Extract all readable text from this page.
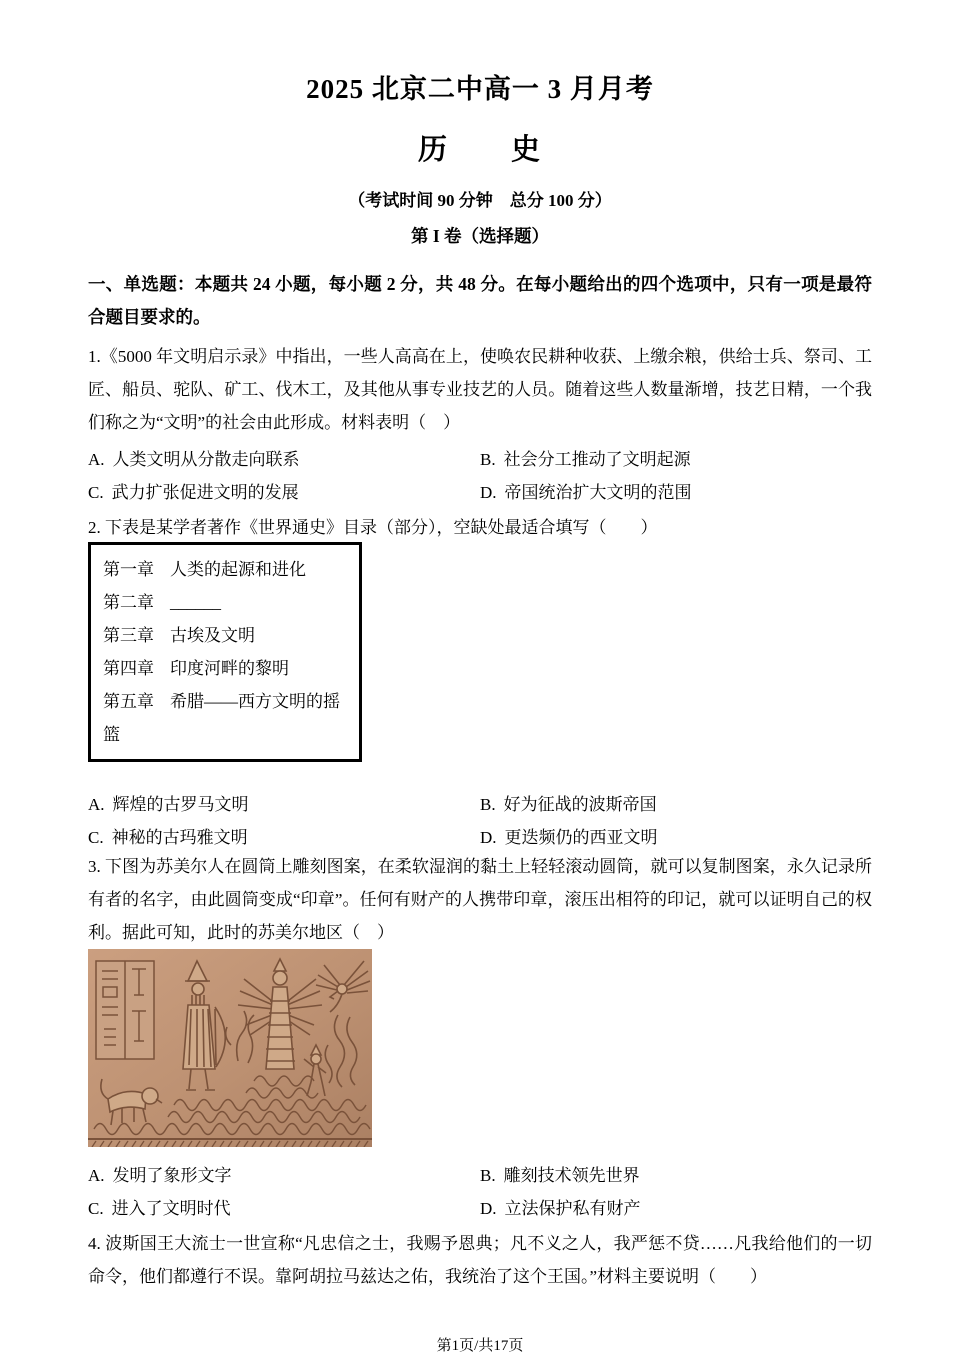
2025 北京二中高一 3 月月考
历　　史
（考试时间 90 分钟　总分 100 分）
第 I 卷（选择题）
一、单选题：本题共 24 小题，每小题 2 分，共 48 分。在每小题给出的四个选项中，只有一项是最符合题目要求的。

1.《5000 年文明启示录》中指出，一些人高高在上，使唤农民耕种收获、上缴余粮，供给士兵、祭司、工匠、船员、驼队、矿工、伐木工，及其他从事专业技艺的人员。随着这些人数量渐增，技艺日精，一个我们称之为“文明”的社会由此形成。材料表明（　）

A. 人类文明从分散走向联系	B. 社会分工推动了文明起源
C. 武力扩张促进文明的发展	D. 帝国统治扩大文明的范围

2. 下表是某学者著作《世界通史》目录（部分），空缺处最适合填写（　　）

第一章 人类的起源和进化
第二章 ______
第三章 古埃及文明
第四章 印度河畔的黎明
第五章 希腊——西方文明的摇篮
A. 辉煌的古罗马文明	B. 好为征战的波斯帝国
C. 神秘的古玛雅文明	D. 更迭频仍的西亚文明

3. 下图为苏美尔人在圆筒上雕刻图案，在柔软湿润的黏土上轻轻滚动圆筒，就可以复制图案，永久记录所有者的名字，由此圆筒变成“印章”。任何有财产的人携带印章，滚压出相符的印记，就可以证明自己的权利。据此可知，此时的苏美尔地区（　）

A. 发明了象形文字	B. 雕刻技术领先世界
C. 进入了文明时代	D. 立法保护私有财产

4. 波斯国王大流士一世宣称“凡忠信之士，我赐予恩典；凡不义之人，我严惩不贷……凡我给他们的一切命令，他们都遵行不误。靠阿胡拉马兹达之佑，我统治了这个王国。”材料主要说明（　　）

第1页/共17页
